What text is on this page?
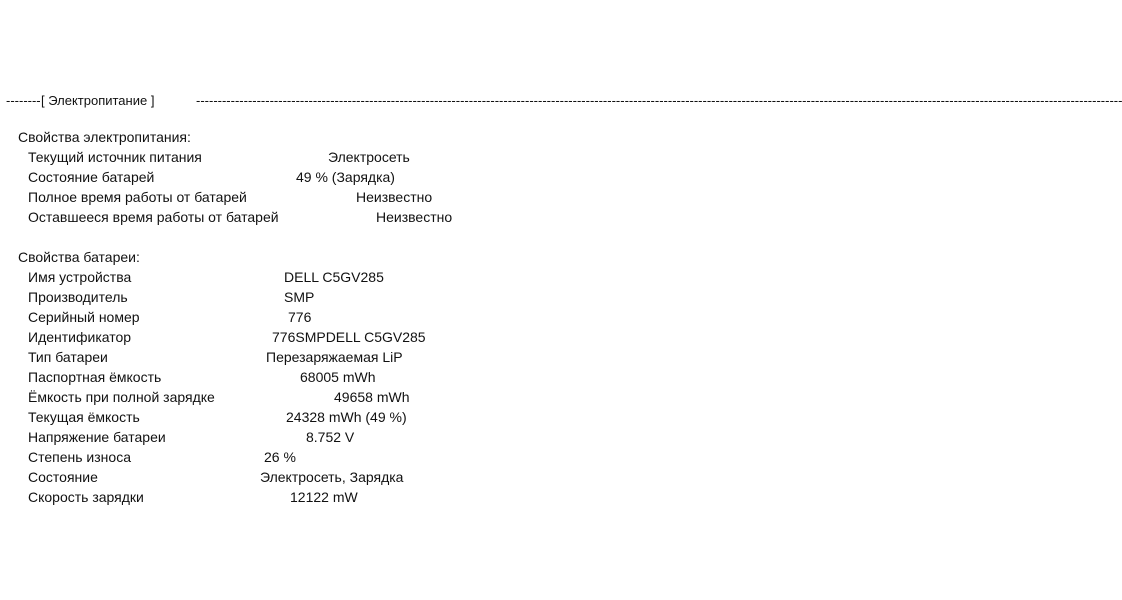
-------- [ Электропитание ]	----------------------------------------------------------------------------------------------------------------------------------------------------------------------------------------------------------------------
Свойства электропитания:
Текущий источник питания	Электросеть
Состояние батарей	49 % (Зарядка)
Полное время работы от батарей	Неизвестно
Оставшееся время работы от батарей	Неизвестно
Свойства батареи:
Имя устройства	DELL C5GV285
Производитель	SMP
Серийный номер	776
Идентификатор	776SMPDELL C5GV285
Тип батареи	Перезаряжаемая LiP
Паспортная ёмкость	68005 mWh
Ёмкость при полной зарядке	49658 mWh
Текущая ёмкость	24328 mWh (49 %)
Напряжение батареи	8.752 V
Степень износа	26 %
Состояние	Электросеть, Зарядка
Скорость зарядки	12122 mW
